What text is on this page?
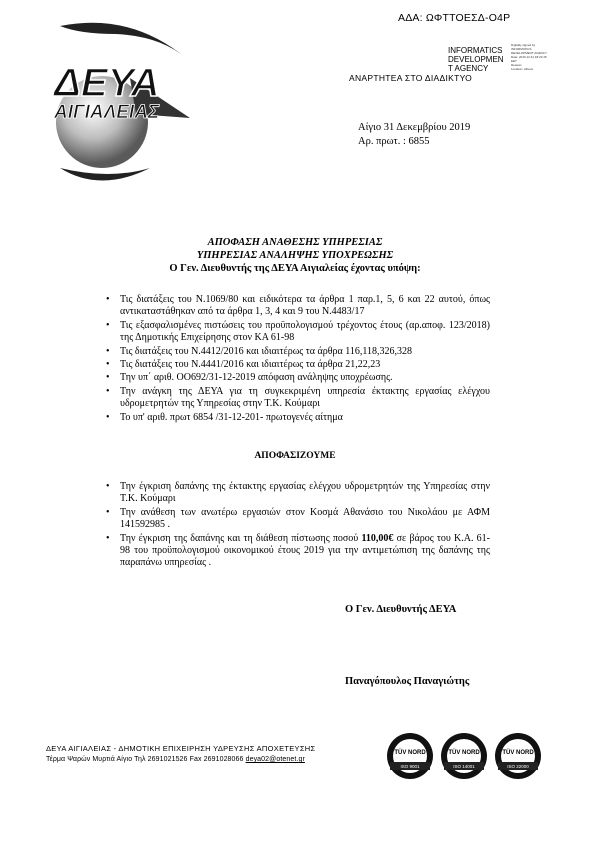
ΑΔΑ: ΩΦΤΤΟΕΣΔ-Ο4Ρ
ΔΕΥΑ
ΑΙΓΙΑΛΕΙΑΣ
INFORMATICS
DEVELOPMEN
T AGENCY
Digitally signed by INFORMATICS
DEVELOPMENT AGENCY
Date: 2019.12.31 18:23:15
EET
Reason:
Location: Athens
ΑΝΑΡΤΗΤΕΑ ΣΤΟ ΔΙΑΔΙΚΤΥΟ
Αίγιο 31 Δεκεμβρίου 2019
Αρ. πρωτ. : 6855
ΑΠΟΦΑΣΗ ΑΝΑΘΕΣΗΣ ΥΠΗΡΕΣΙΑΣ
ΥΠΗΡΕΣΙΑΣ ΑΝΑΛΗΨΗΣ ΥΠΟΧΡΕΩΣΗΣ
Ο Γεν. Διευθυντής της ΔΕΥΑ Αιγιαλείας έχοντας υπόψη:
• Τις διατάξεις του Ν.1069/80 και ειδικότερα τα άρθρα 1 παρ.1, 5, 6 και 22 αυτού, όπως αντικαταστάθηκαν από τα άρθρα 1, 3, 4 και 9 του Ν.4483/17
• Τις εξασφαλισμένες πιστώσεις του προϋπολογισμού τρέχοντος έτους (αρ.αποφ. 123/2018) της Δημοτικής Επιχείρησης στον ΚΑ 61-98
• Τις διατάξεις του Ν.4412/2016 και ιδιαιτέρως τα άρθρα 116,118,326,328
• Τις διατάξεις του Ν.4441/2016 και ιδιαιτέρως τα άρθρα 21,22,23
• Την υπ΄ αριθ. ΟΟ692/31-12-2019 απόφαση ανάληψης υποχρέωσης.
• Την ανάγκη της ΔΕΥΑ για τη συγκεκριμένη υπηρεσία έκτακτης εργασίας ελέγχου υδρομετρητών της Υπηρεσίας στην Τ.Κ. Κούμαρι
• Το υπ' αριθ. πρωτ 6854 /31-12-201- πρωτογενές αίτημα
ΑΠΟΦΑΣΙΖΟΥΜΕ
• Την έγκριση δαπάνης της έκτακτης εργασίας ελέγχου υδρομετρητών της Υπηρεσίας στην Τ.Κ. Κούμαρι
• Την ανάθεση των ανωτέρω εργασιών στον Κοσμά Αθανάσιο του Νικολάου με ΑΦΜ 141592985 .
• Την έγκριση της δαπάνης και τη διάθεση πίστωσης ποσού 110,00€ σε βάρος του Κ.Α. 61-98 του προϋπολογισμού οικονομικού έτους 2019 για την αντιμετώπιση της δαπάνης της παραπάνω υπηρεσίας .
Ο Γεν. Διευθυντής ΔΕΥΑ
Παναγόπουλος Παναγιώτης
ΔΕΥΑ ΑΙΓΙΑΛΕΙΑΣ - ΔΗΜΟΤΙΚΗ ΕΠΙΧΕΙΡΗΣΗ ΥΔΡΕΥΣΗΣ ΑΠΟΧΕΤΕΥΣΗΣ
Τέρμα Ψαρών Μυρτιά Αίγιο Τηλ 2691021526 Fax 2691028066 deya02@otenet.gr
TÜV NORD
ISO 9001
TÜV NORD
ISO 14001
TÜV NORD
ISO 22000
